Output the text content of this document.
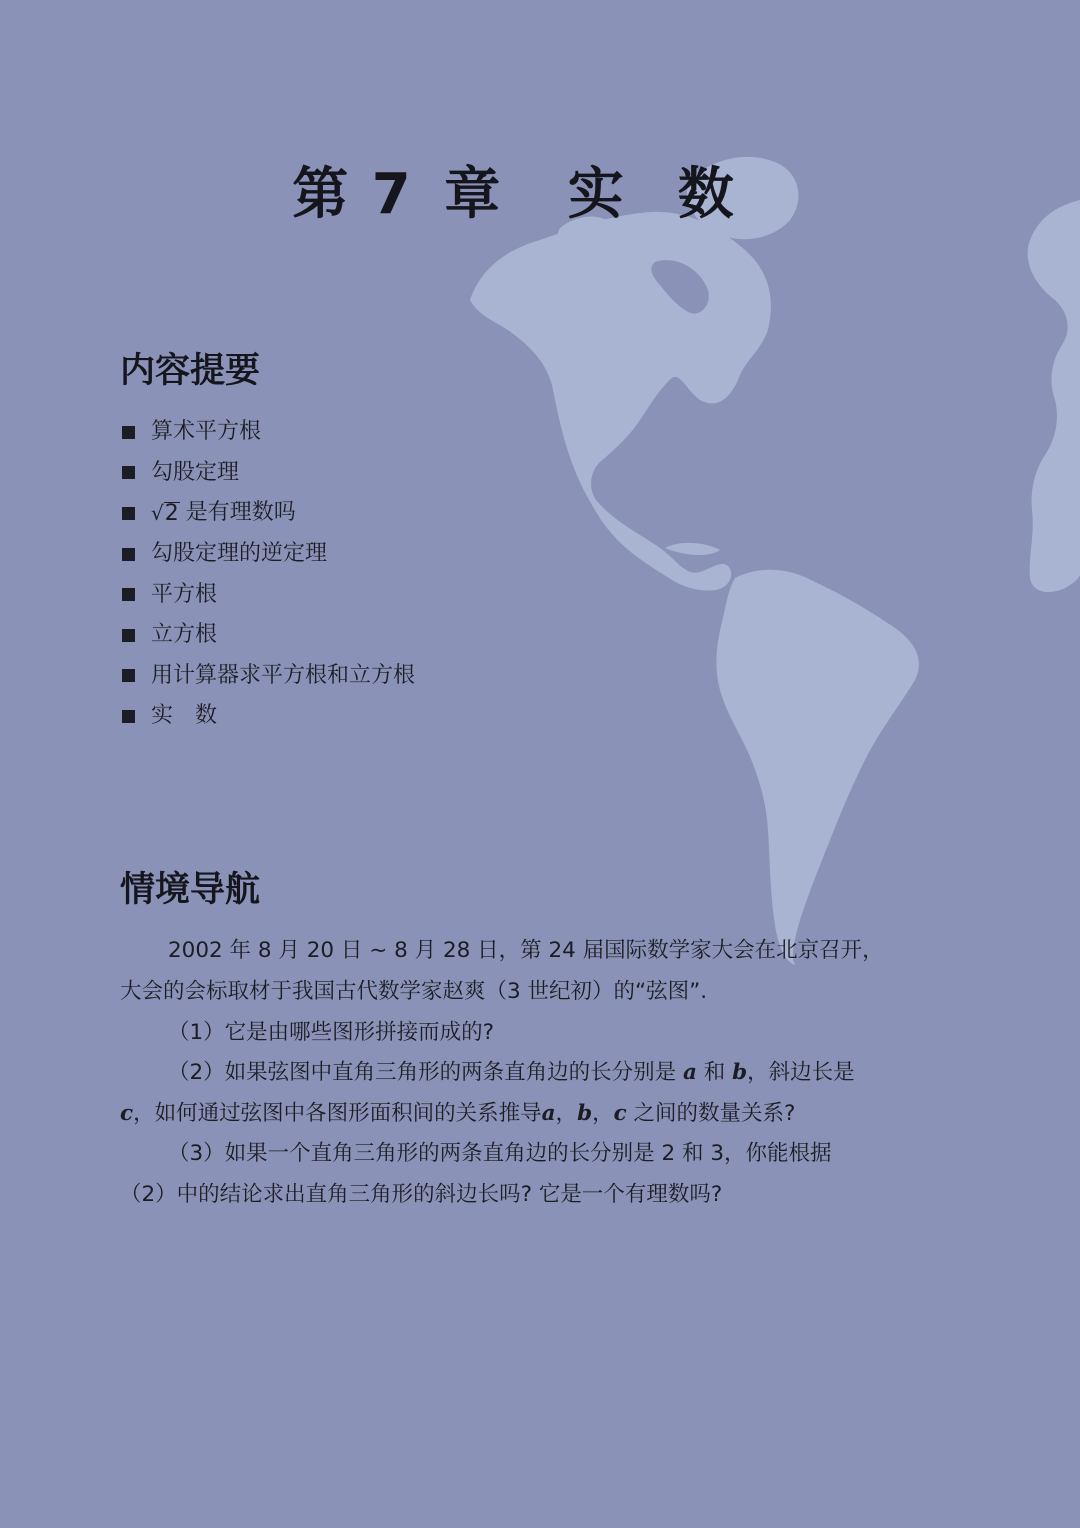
第 7 章 实数
内容提要
算术平方根
勾股定理
√ 2 是有理数吗
勾股定理的逆定理
平方根
立方根
用计算器求平方根和立方根
实数
情境导航
2002 年 8 月 20 日 ~ 8 月 28 日，第 24 届国际数学家大会在北京召开，
大会的会标取材于我国古代数学家赵爽（3 世纪初）的“弦图”.
（1）它是由哪些图形拼接而成的?
（2）如果弦图中直角三角形的两条直角边的长分别是 a 和 b，斜边长是
c，如何通过弦图中各图形面积间的关系推导a，b，c 之间的数量关系?
（3）如果一个直角三角形的两条直角边的长分别是 2 和 3，你能根据
（2）中的结论求出直角三角形的斜边长吗? 它是一个有理数吗?
